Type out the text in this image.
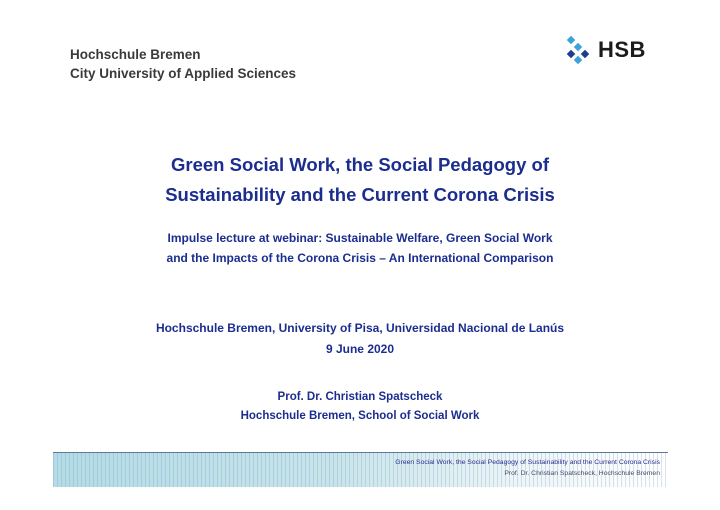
Hochschule Bremen
City University of Applied Sciences
HSB
Green Social Work, the Social Pedagogy of
Sustainability and the Current Corona Crisis
Impulse lecture at webinar: Sustainable Welfare, Green Social Work
and the Impacts of the Corona Crisis – An International Comparison
Hochschule Bremen, University of Pisa, Universidad Nacional de Lanús
9 June 2020
Prof. Dr. Christian Spatscheck
Hochschule Bremen, School of Social Work
Green Social Work, the Social Pedagogy of Sustainability and the Current Corona Crisis
Prof. Dr. Christian Spatscheck, Hochschule Bremen
